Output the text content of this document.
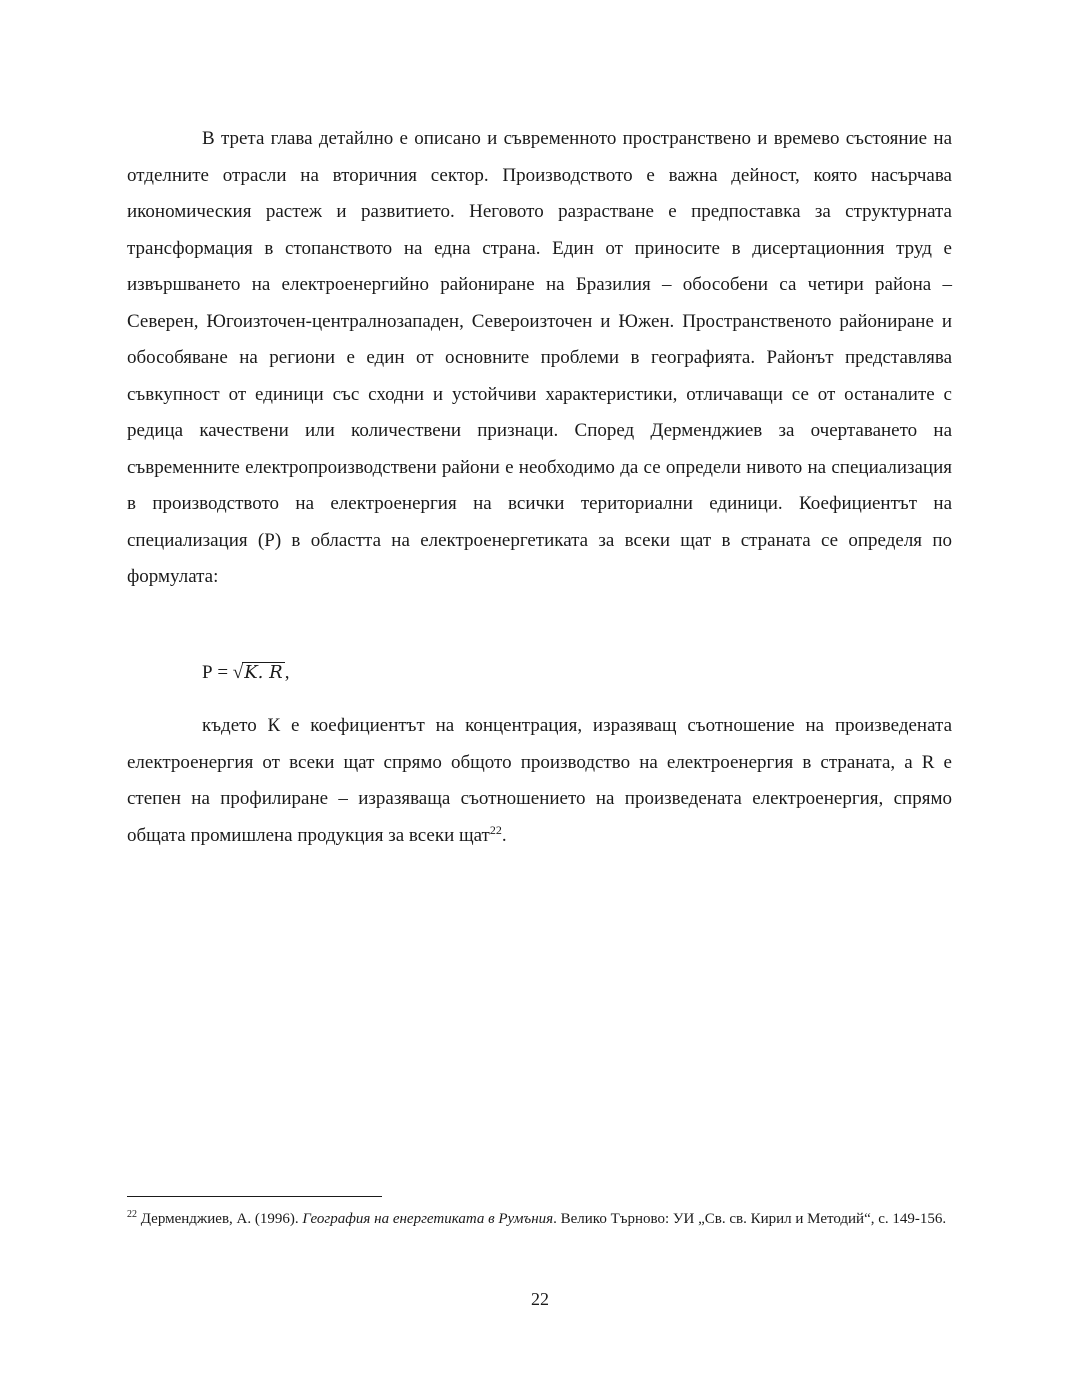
В трета глава детайлно е описано и съвременното пространствено и времево състояние на отделните отрасли на вторичния сектор. Производството е важна дейност, която насърчава икономическия растеж и развитието. Неговото разрастване е предпоставка за структурната трансформация в стопанството на една страна. Един от приносите в дисертационния труд е извършването на електроенергийно райониране на Бразилия – обособени са четири района – Северен, Югоизточен-централнозападен, Североизточен и Южен. Пространственото райониране и обособяване на региони е един от основните проблеми в географията. Районът представлява съвкупност от единици със сходни и устойчиви характеристики, отличаващи се от останалите с редица качествени или количествени признаци. Според Дерменджиев за очертаването на съвременните електропроизводствени райони е необходимо да се определи нивото на специализация в производството на електроенергия на всички териториални единици. Коефициентът на специализация (Р) в областта на електроенергетиката за всеки щат в страната се определя по формулата:

Р = √K. R ,

където К е коефициентът на концентрация, изразяващ съотношение на произведената електроенергия от всеки щат спрямо общото производство на електроенергия в страната, а R е степен на профилиране – изразяваща съотношението на произведената електроенергия, спрямо общата промишлена продукция за всеки щат$^{22}$.

$^{22}$ Дерменджиев, А. (1996). География на енергетиката в Румъния. Велико Търново: УИ „Св. св. Кирил и Методий“, с. 149-156.
22
